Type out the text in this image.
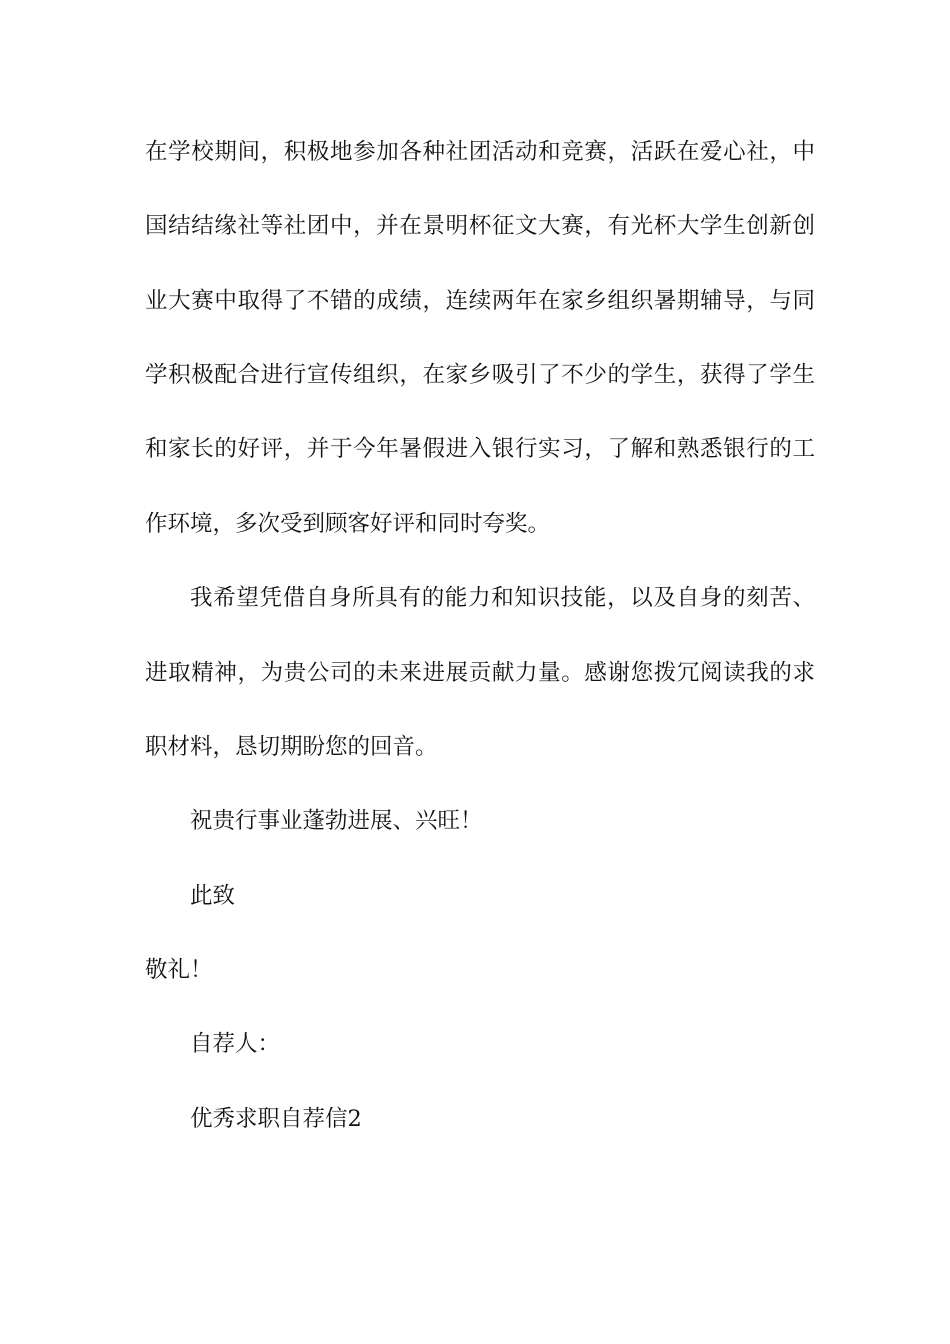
在学校期间，积极地参加各种社团活动和竞赛，活跃在爱心社，中
国结结缘社等社团中，并在景明杯征文大赛，有光杯大学生创新创
业大赛中取得了不错的成绩，连续两年在家乡组织暑期辅导，与同
学积极配合进行宣传组织，在家乡吸引了不少的学生，获得了学生
和家长的好评，并于今年暑假进入银行实习，了解和熟悉银行的工
作环境，多次受到顾客好评和同时夸奖。
我希望凭借自身所具有的能力和知识技能，以及自身的刻苦、
进取精神，为贵公司的未来进展贡献力量。感谢您拨冗阅读我的求
职材料，恳切期盼您的回音。
祝贵行事业蓬勃进展、兴旺！
此致
敬礼！
自荐人：
优秀求职自荐信2
